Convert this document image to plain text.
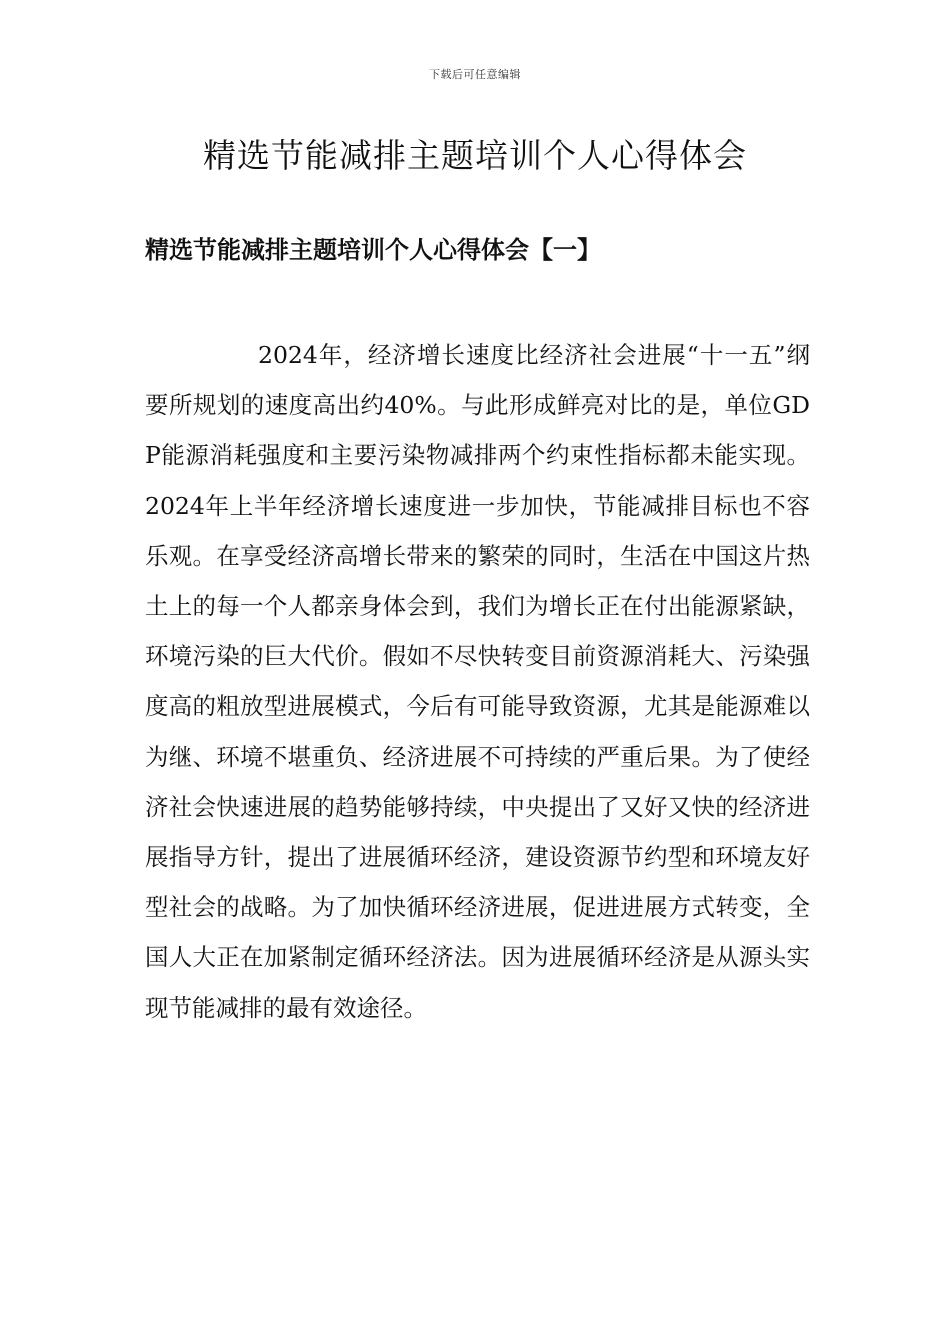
下载后可任意编辑
精选节能减排主题培训个人心得体会
精选节能减排主题培训个人心得体会【一】

2024年，经济增长速度比经济社会进展“十一五”纲要所规划的速度高出约40%。与此形成鲜亮对比的是，单位GDP能源消耗强度和主要污染物减排两个约束性指标都未能实现。2024年上半年经济增长速度进一步加快，节能减排目标也不容乐观。在享受经济高增长带来的繁荣的同时，生活在中国这片热土上的每一个人都亲身体会到，我们为增长正在付出能源紧缺，环境污染的巨大代价。假如不尽快转变目前资源消耗大、污染强度高的粗放型进展模式，今后有可能导致资源，尤其是能源难以为继、环境不堪重负、经济进展不可持续的严重后果。为了使经济社会快速进展的趋势能够持续，中央提出了又好又快的经济进展指导方针，提出了进展循环经济，建设资源节约型和环境友好型社会的战略。为了加快循环经济进展，促进进展方式转变，全国人大正在加紧制定循环经济法。因为进展循环经济是从源头实现节能减排的最有效途径。
